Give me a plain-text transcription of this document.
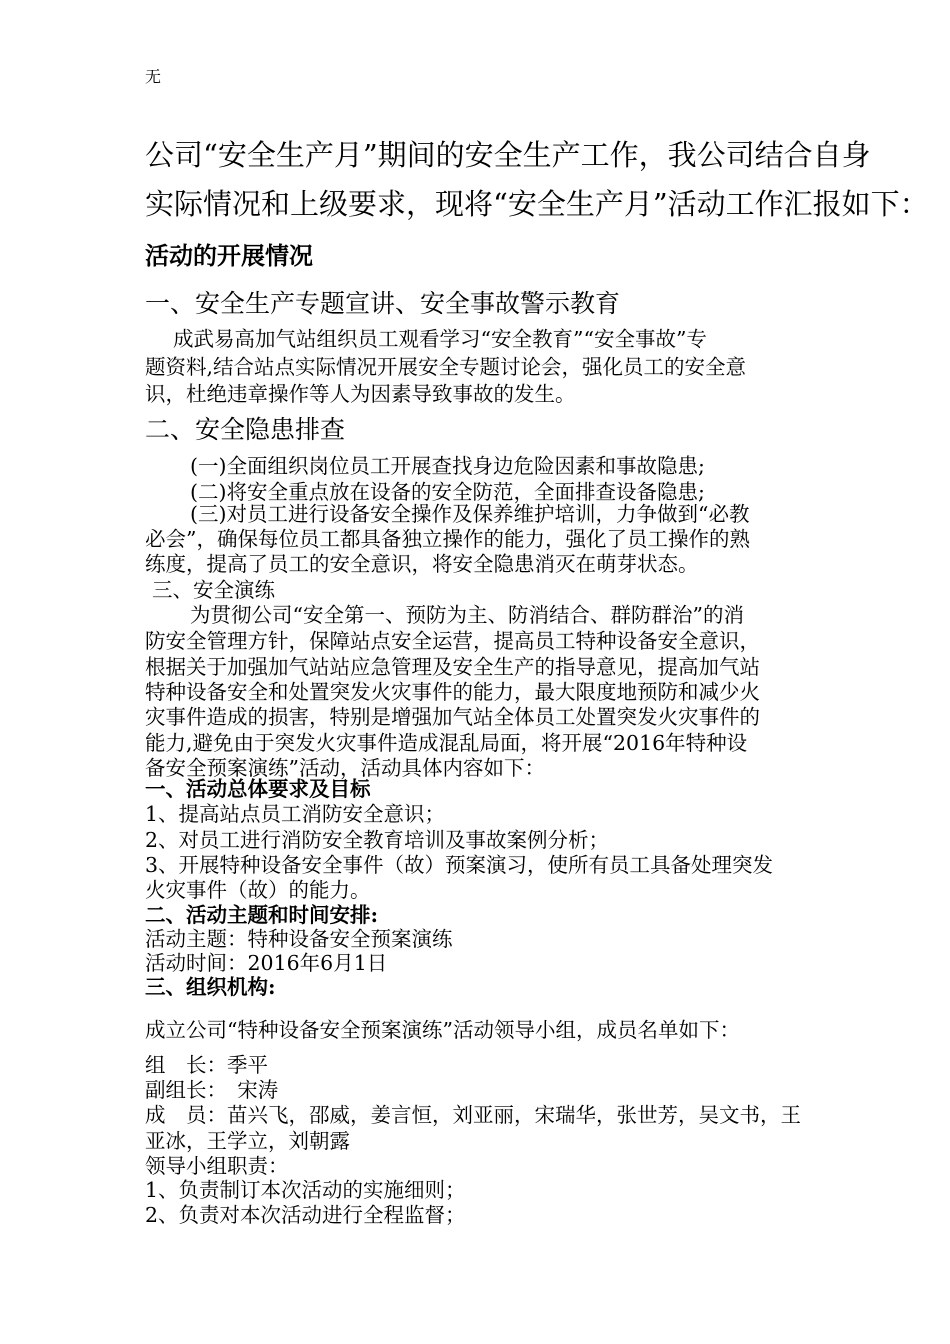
无
公司“安全生产月”期间的安全生产工作，我公司结合自身
实际情况和上级要求，现将“安全生产月”活动工作汇报如下：
活动的开展情况
一、安全生产专题宣讲、安全事故警示教育
成武易高加气站组织员工观看学习“安全教育”“安全事故”专
题资料,结合站点实际情况开展安全专题讨论会，强化员工的安全意
识，杜绝违章操作等人为因素导致事故的发生。
二、安全隐患排查
(一)全面组织岗位员工开展查找身边危险因素和事故隐患;
(二)将安全重点放在设备的安全防范，全面排查设备隐患;
(三)对员工进行设备安全操作及保养维护培训，力争做到“必教
必会”，确保每位员工都具备独立操作的能力，强化了员工操作的熟
练度，提高了员工的安全意识，将安全隐患消灭在萌芽状态。
三、安全演练
为贯彻公司“安全第一、预防为主、防消结合、群防群治”的消
防安全管理方针，保障站点安全运营，提高员工特种设备安全意识，
根据关于加强加气站站应急管理及安全生产的指导意见，提高加气站
特种设备安全和处置突发火灾事件的能力，最大限度地预防和减少火
灾事件造成的损害，特别是增强加气站全体员工处置突发火灾事件的
能力,避免由于突发火灾事件造成混乱局面，将开展“2016年特种设
备安全预案演练”活动，活动具体内容如下：
一、活动总体要求及目标
1、提高站点员工消防安全意识；
2、对员工进行消防安全教育培训及事故案例分析；
3、开展特种设备安全事件（故）预案演习，使所有员工具备处理突发
火灾事件（故）的能力。
二、活动主题和时间安排:
活动主题：特种设备安全预案演练
活动时间：2016年6月1日
三、组织机构:
成立公司“特种设备安全预案演练”活动领导小组，成员名单如下：
组　长：季平
副组长：　宋涛
成　员：苗兴飞，邵威，姜言恒，刘亚丽，宋瑞华，张世芳，吴文书，王
亚冰，王学立，刘朝露
领导小组职责：
1、负责制订本次活动的实施细则；
2、负责对本次活动进行全程监督；
